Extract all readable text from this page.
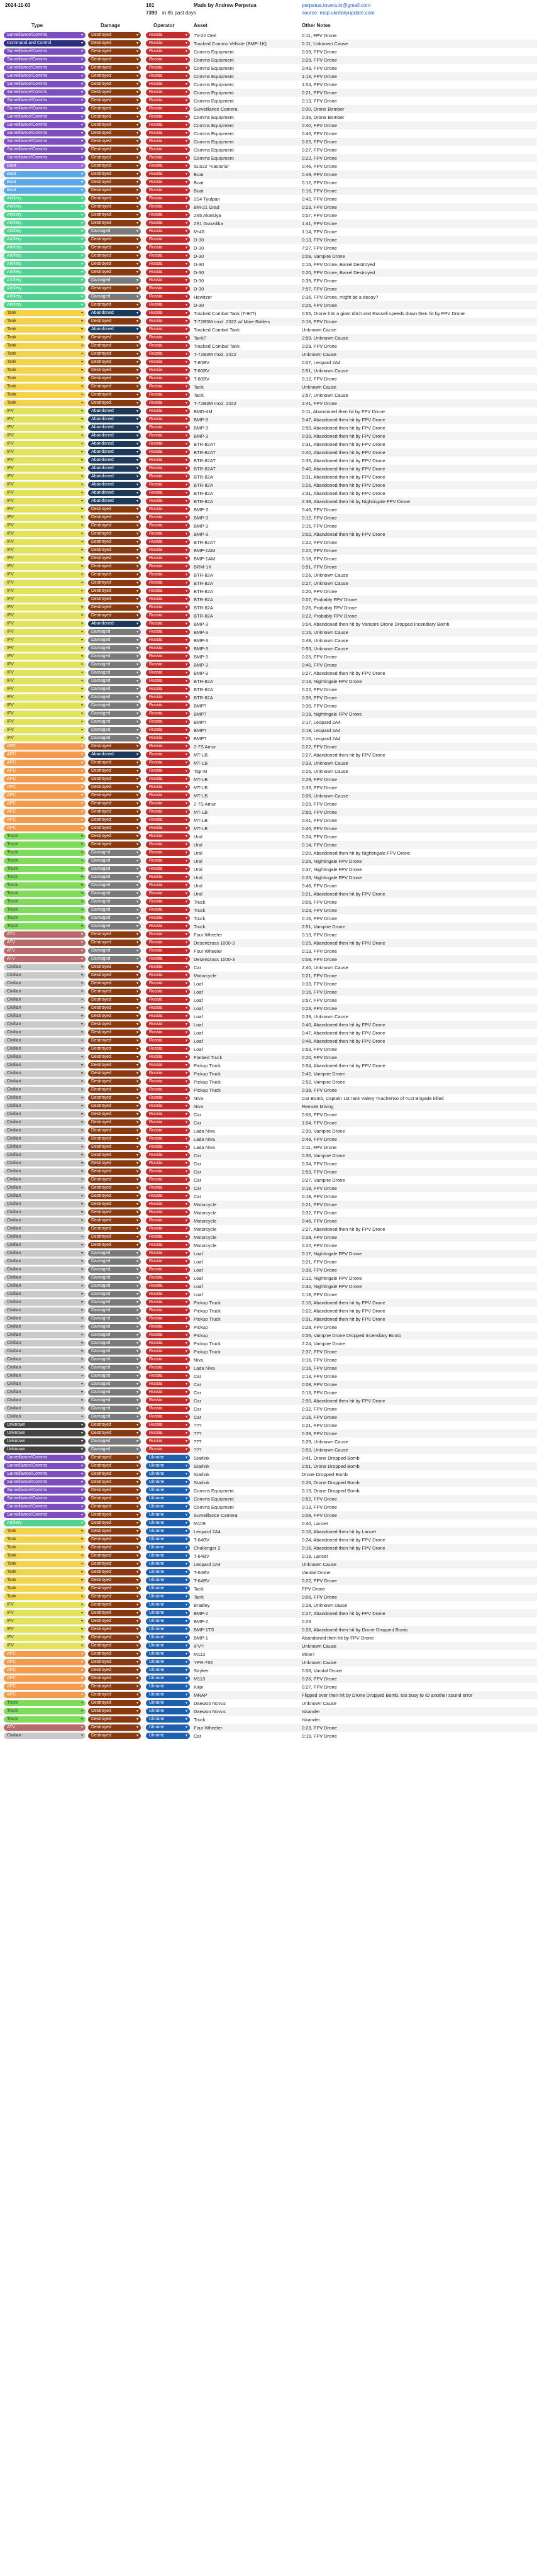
2024-11-03	101
7390 in 85 past days
Made by Andrew Perpetua	perpetua.tovera.io@gmail.com
source: map.ukrdailyupdate.com
Type	Damage	Operator	Asset	Other Notes
Surveillance/Comms	▾	Destroyed	▾	Russia	▾ ?V-22 Orel	0:11, FPV Drone
Command and Control	▾	Destroyed	▾	Russia	▾ Tracked Comms Vehicle (BMP-1K)	0:11, Unknown Cause
Surveillance/Comms	▾	Destroyed	▾	Russia	▾ Comms Equipment	0:39, FPV Drone
Surveillance/Comms	▾	Destroyed	▾	Russia	▾ Comms Equipment	0:29, FPV Drone
Surveillance/Comms	▾	Destroyed	▾	Russia	▾ Comms Equipment	0:43, FPV Drone
Surveillance/Comms	▾	Destroyed	▾	Russia	▾ Comms Equipment	1:13, FPV Drone
Surveillance/Comms	▾	Destroyed	▾	Russia	▾ Comms Equipment	1:04, FPV Drone
Surveillance/Comms	▾	Destroyed	▾	Russia	▾ Comms Equipment	0:21, FPV Drone
Surveillance/Comms	▾	Destroyed	▾	Russia	▾ Comms Equipment	0:13, FPV Drone
Surveillance/Comms	▾	Destroyed	▾	Russia	▾ Surveillance Camera	0:30, Drone Bomber
Surveillance/Comms	▾	Destroyed	▾	Russia	▾ Comms Equipment	0:36, Drone Bomber
Surveillance/Comms	▾	Destroyed	▾	Russia	▾ Comms Equipment	0:40, FPV Drone
Surveillance/Comms	▾	Destroyed	▾	Russia	▾ Comms Equipment	0:46, FPV Drone
Surveillance/Comms	▾	Destroyed	▾	Russia	▾ Comms Equipment	0:25, FPV Drone
Surveillance/Comms	▾	Destroyed	▾	Russia	▾ Comms Equipment	0:27, FPV Drone
Surveillance/Comms	▾	Destroyed	▾	Russia	▾ Comms Equipment	0:22, FPV Drone
Boat	▾	Destroyed	▾	Russia	▾ SL522 "Kastoria"	0:46, FPV Drone
Boat	▾	Destroyed	▾	Russia	▾ Boat	0:49, FPV Drone
Boat	▾	Destroyed	▾	Russia	▾ Boat	0:12, FPV Drone
Boat	▾	Destroyed	▾	Russia	▾ Boat	0:16, FPV Drone
Artillery	▾	Destroyed	▾	Russia	▾ 2S4 Tyulpan	0:42, FPV Drone
Artillery	▾	Destroyed	▾	Russia	▾ BM-21 Grad	0:23, FPV Drone
Artillery	▾	Destroyed	▾	Russia	▾ 2S5 Akatsiya	0:07, FPV Drone
Artillery	▾	Destroyed	▾	Russia	▾ 2S1 Gvozdika	1:41, FPV Drone
Artillery	▾	Damaged	▾	Russia	▾ M-46	1:14, FPV Drone
Artillery	▾	Destroyed	▾	Russia	▾ D-30	0:13, FPV Drone
Artillery	▾	Destroyed	▾	Russia	▾ D-30	7:27, FPV Drone
Artillery	▾	Destroyed	▾	Russia	▾ D-30	0:09, Vampire Drone
Artillery	▾	Destroyed	▾	Russia	▾ D-30	0:16, FPV Drone, Barrel Destroyed
Artillery	▾	Destroyed	▾	Russia	▾ D-30	0:20, FPV Drone, Barrel Destroyed
Artillery	▾	Damaged	▾	Russia	▾ D-30	0:39, FPV Drone
Artillery	▾	Destroyed	▾	Russia	▾ D-30	7:57, FPV Drone
Artillery	▾	Damaged	▾	Russia	▾ Howitzer	0:36, FPV Drone, might be a decoy?
Artillery	▾	Destroyed	▾	Russia	▾ D-30	0:25, FPV Drone
Tank	▾	Abandoned	▾	Russia	▾ Tracked Combat Tank (T-90?)	0:55, Drone hits a giant ditch and Russell speeds down then hit by FPV Drone
Tank	▾	Destroyed	▾	Russia	▾ T-72B3M mod. 2022 w/ Mine Rollers	0:16, FPV Drone
Tank	▾	Abandoned	▾	Russia	▾ Tracked Combat Tank	Unknown Cause
Tank	▾	Destroyed	▾	Russia	▾ Tank?	2:59, Unknown Cause
Tank	▾	Destroyed	▾	Russia	▾ Tracked Combat Tank	0:29, FPV Drone
Tank	▾	Destroyed	▾	Russia	▾ T-72B3M mod. 2022	Unknown Cause
Tank	▾	Destroyed	▾	Russia	▾ T-80BV	0:07, Leopard 2A4
Tank	▾	Destroyed	▾	Russia	▾ T-80BV	0:51, Unknown Cause
Tank	▾	Destroyed	▾	Russia	▾ T-80BV	0:12, FPV Drone
Tank	▾	Destroyed	▾	Russia	▾ Tank	Unknown Cause
Tank	▾	Destroyed	▾	Russia	▾ Tank	2:57, Unknown Cause
Tank	▾	Destroyed	▾	Russia	▾ T-72B3M mod. 2022	2:41, FPV Drone
IFV	▾	Abandoned	▾	Russia	▾ BMD-4M	0:11, Abandoned then hit by FPV Drone
IFV	▾	Abandoned	▾	Russia	▾ BMP-3	0:47, Abandoned then hit by FPV Drone
IFV	▾	Abandoned	▾	Russia	▾ BMP-3	0:50, Abandoned then hit by FPV Drone
IFV	▾	Abandoned	▾	Russia	▾ BMP-3	0:39, Abandoned then hit by FPV Drone
IFV	▾	Abandoned	▾	Russia	▾ BTR-82AT	0:31, Abandoned then hit by FPV Drone
IFV	▾	Abandoned	▾	Russia	▾ BTR-82AT	0:42, Abandoned then hit by FPV Drone
IFV	▾	Abandoned	▾	Russia	▾ BTR-82AT	0:35, Abandoned then hit by FPV Drone
IFV	▾	Abandoned	▾	Russia	▾ BTR-82AT	0:40, Abandoned then hit by FPV Drone
IFV	▾	Abandoned	▾	Russia	▾ BTR-82A	0:31, Abandoned then hit by FPV Drone
IFV	▾	Abandoned	▾	Russia	▾ BTR-82A	0:26, Abandoned then hit by FPV Drone
IFV	▾	Abandoned	▾	Russia	▾ BTR-82A	2:31, Abandoned then hit by FPV Drone
IFV	▾	Abandoned	▾	Russia	▾ BTR-82A	2:38, Abandoned then hit by Nightingale FPV Drone
IFV	▾	Destroyed	▾	Russia	▾ BMP-3	0:46, FPV Drone
IFV	▾	Destroyed	▾	Russia	▾ BMP-3	0:12, FPV Drone
IFV	▾	Destroyed	▾	Russia	▾ BMP-3	0:15, FPV Drone
IFV	▾	Destroyed	▾	Russia	▾ BMP-3	0:02, Abandoned then hit by FPV Drone
IFV	▾	Destroyed	▾	Russia	▾ BTR-82AT	0:22, FPV Drone
IFV	▾	Destroyed	▾	Russia	▾ BMP-1AM	0:22, FPV Drone
IFV	▾	Destroyed	▾	Russia	▾ BMP-1AM	0:18, FPV Drone
IFV	▾	Destroyed	▾	Russia	▾ BRM-1K	0:51, FPV Drone
IFV	▾	Destroyed	▾	Russia	▾ BTR-82A	0:26, Unknown Cause
IFV	▾	Destroyed	▾	Russia	▾ BTR-82A	0:27, Unknown Cause
IFV	▾	Destroyed	▾	Russia	▾ BTR-82A	0:20, FPV Drone
IFV	▾	Destroyed	▾	Russia	▾ BTR-82A	0:07, Probably FPV Drone
IFV	▾	Destroyed	▾	Russia	▾ BTR-82A	0:26, Probably FPV Drone
IFV	▾	Destroyed	▾	Russia	▾ BTR-82A	0:22, Probably FPV Drone
IFV	▾	Abandoned	▾	Russia	▾ BMP-3	0:04, Abandoned then hit by Vampire Drone Dropped Incendiary Bomb
IFV	▾	Damaged	▾	Russia	▾ BMP-3	0:15, Unknown Cause
IFV	▾	Damaged	▾	Russia	▾ BMP-3	0:48, Unknown Cause
IFV	▾	Damaged	▾	Russia	▾ BMP-3	0:53, Unknown Cause
IFV	▾	Damaged	▾	Russia	▾ BMP-3	0:25, FPV Drone
IFV	▾	Damaged	▾	Russia	▾ BMP-3	0:40, FPV Drone
IFV	▾	Damaged	▾	Russia	▾ BMP-3	0:27, Abandoned then hit by FPV Drone
IFV	▾	Damaged	▾	Russia	▾ BTR-82A	0:13, Nightingale FPV Drone
IFV	▾	Damaged	▾	Russia	▾ BTR-82A	0:22, FPV Drone
IFV	▾	Damaged	▾	Russia	▾ BTR-82A	0:36, FPV Drone
IFV	▾	Damaged	▾	Russia	▾ BMP?	0:30, FPV Drone
IFV	▾	Damaged	▾	Russia	▾ BMP?	0:19, Nightingale FPV Drone
IFV	▾	Damaged	▾	Russia	▾ BMP?	0:17, Leopard 2A4
IFV	▾	Damaged	▾	Russia	▾ BMP?	0:18, Leopard 2A4
IFV	▾	Damaged	▾	Russia	▾ BMP?	0:16, Leopard 2A4
APC	▾	Destroyed	▾	Russia	▾ 2-7S Amur	0:22, FPV Drone
APC	▾	Abandoned	▾	Russia	▾ MT-LB	0:27, Abandoned then hit by FPV Drone
APC	▾	Destroyed	▾	Russia	▾ MT-LB	0:33, Unknown Cause
APC	▾	Destroyed	▾	Russia	▾ Tigr-M	0:25, Unknown Cause
APC	▾	Destroyed	▾	Russia	▾ MT-LB	0:29, FPV Drone
APC	▾	Destroyed	▾	Russia	▾ MT-LB	0:33, FPV Drone
APC	▾	Destroyed	▾	Russia	▾ MT-LB	0:06, Unknown Cause
APC	▾	Destroyed	▾	Russia	▾ 2-7S Amur	0:29, FPV Drone
APC	▾	Destroyed	▾	Russia	▾ MT-LB	0:50, FPV Drone
APC	▾	Destroyed	▾	Russia	▾ MT-LB	0:41, FPV Drone
APC	▾	Destroyed	▾	Russia	▾ MT-LB	0:45, FPV Drone
Truck	▾	Destroyed	▾	Russia	▾ Ural	0:24, FPV Drone
Truck	▾	Destroyed	▾	Russia	▾ Ural	0:14, FPV Drone
Truck	▾	Damaged	▾	Russia	▾ Ural	0:20, Abandoned then hit by Nightingale FPV Drone
Truck	▾	Damaged	▾	Russia	▾ Ural	0:26, Nightingale FPV Drone
Truck	▾	Damaged	▾	Russia	▾ Ural	0:37, Nightingale FPV Drone
Truck	▾	Damaged	▾	Russia	▾ Ural	0:25, Nightingale FPV Drone
Truck	▾	Damaged	▾	Russia	▾ Ural	0:46, FPV Drone
Truck	▾	Damaged	▾	Russia	▾ Ural	0:21, Abandoned then hit by FPV Drone
Truck	▾	Damaged	▾	Russia	▾ Truck	0:08, FPV Drone
Truck	▾	Damaged	▾	Russia	▾ Truck	0:23, FPV Drone
Truck	▾	Damaged	▾	Russia	▾ Truck	0:16, FPV Drone
Truck	▾	Damaged	▾	Russia	▾ Truck	2:51, Vampire Drone
ATV	▾	Destroyed	▾	Russia	▾ Four Wheeler	0:13, FPV Drone
ATV	▾	Destroyed	▾	Russia	▾ Desertcross 1000-3	0:25, Abandoned then hit by FPV Drone
ATV	▾	Damaged	▾	Russia	▾ Four Wheeler	0:13, FPV Drone
ATV	▾	Damaged	▾	Russia	▾ Desertcross 1000-3	0:08, FPV Drone
Civilian	▾	Destroyed	▾	Russia	▾ Car	2:40, Unknown Cause
Civilian	▾	Destroyed	▾	Russia	▾ Motorcycle	0:21, FPV Drone
Civilian	▾	Destroyed	▾	Russia	▾ Loaf	0:33, FPV Drone
Civilian	▾	Destroyed	▾	Russia	▾ Loaf	0:16, FPV Drone
Civilian	▾	Destroyed	▾	Russia	▾ Loaf	0:57, FPV Drone
Civilian	▾	Destroyed	▾	Russia	▾ Loaf	0:23, FPV Drone
Civilian	▾	Destroyed	▾	Russia	▾ Loaf	0:39, Unknown Cause
Civilian	▾	Destroyed	▾	Russia	▾ Loaf	0:40, Abandoned then hit by FPV Drone
Civilian	▾	Destroyed	▾	Russia	▾ Loaf	0:47, Abandoned then hit by FPV Drone
Civilian	▾	Destroyed	▾	Russia	▾ Loaf	0:48, Abandoned then hit by FPV Drone
Civilian	▾	Destroyed	▾	Russia	▾ Loaf	0:53, FPV Drone
Civilian	▾	Destroyed	▾	Russia	▾ Flatbed Truck	0:20, FPV Drone
Civilian	▾	Destroyed	▾	Russia	▾ Pickup Truck	0:54, Abandoned then hit by FPV Drone
Civilian	▾	Destroyed	▾	Russia	▾ Pickup Truck	0:42, Vampire Drone
Civilian	▾	Destroyed	▾	Russia	▾ Pickup Truck	2:52, Vampire Drone
Civilian	▾	Destroyed	▾	Russia	▾ Pickup Truck	0:38, FPV Drone
Civilian	▾	Destroyed	▾	Russia	▾ Niva	Car Bomb, Captain 1st rank Valery Tkachenko of 41st Brigade killed
Civilian	▾	Destroyed	▾	Russia	▾ Niva	Remote Mining
Civilian	▾	Destroyed	▾	Russia	▾ Car	0:06, FPV Drone
Civilian	▾	Destroyed	▾	Russia	▾ Car	1:04, FPV Drone
Civilian	▾	Destroyed	▾	Russia	▾ Lada Niva	2:30, Vampire Drone
Civilian	▾	Destroyed	▾	Russia	▾ Lada Niva	0:48, FPV Drone
Civilian	▾	Destroyed	▾	Russia	▾ Lada Niva	0:11, FPV Drone
Civilian	▾	Destroyed	▾	Russia	▾ Car	0:36, Vampire Drone
Civilian	▾	Destroyed	▾	Russia	▾ Car	0:34, FPV Drone
Civilian	▾	Destroyed	▾	Russia	▾ Car	2:53, FPV Drone
Civilian	▾	Destroyed	▾	Russia	▾ Car	0:27, Vampire Drone
Civilian	▾	Destroyed	▾	Russia	▾ Car	0:19, FPV Drone
Civilian	▾	Destroyed	▾	Russia	▾ Car	0:18, FPV Drone
Civilian	▾	Destroyed	▾	Russia	▾ Motorcycle	0:21, FPV Drone
Civilian	▾	Destroyed	▾	Russia	▾ Motorcycle	0:32, FPV Drone
Civilian	▾	Destroyed	▾	Russia	▾ Motorcycle	0:46, FPV Drone
Civilian	▾	Destroyed	▾	Russia	▾ Motorcycle	2:27, Abandoned then hit by FPV Drone
Civilian	▾	Destroyed	▾	Russia	▾ Motorcycle	0:29, FPV Drone
Civilian	▾	Destroyed	▾	Russia	▾ Motorcycle	0:22, FPV Drone
Civilian	▾	Damaged	▾	Russia	▾ Loaf	0:17, Nightingale FPV Drone
Civilian	▾	Damaged	▾	Russia	▾ Loaf	0:21, FPV Drone
Civilian	▾	Damaged	▾	Russia	▾ Loaf	0:38, FPV Drone
Civilian	▾	Damaged	▾	Russia	▾ Loaf	0:12, Nightingale FPV Drone
Civilian	▾	Damaged	▾	Russia	▾ Loaf	0:32, Nightingale FPV Drone
Civilian	▾	Damaged	▾	Russia	▾ Loaf	0:18, FPV Drone
Civilian	▾	Damaged	▾	Russia	▾ Pickup Truck	2:10, Abandoned then hit by FPV Drone
Civilian	▾	Damaged	▾	Russia	▾ Pickup Truck	0:22, Abandoned then hit by FPV Drone
Civilian	▾	Damaged	▾	Russia	▾ Pickup Truck	0:31, Abandoned then hit by FPV Drone
Civilian	▾	Damaged	▾	Russia	▾ Pickup	0:28, FPV Drone
Civilian	▾	Damaged	▾	Russia	▾ Pickup	0:06, Vampire Drone Dropped Incendiary Bomb
Civilian	▾	Damaged	▾	Russia	▾ Pickup Truck	2:24, Vampire Drone
Civilian	▾	Damaged	▾	Russia	▾ Pickup Truck	2:37, FPV Drone
Civilian	▾	Damaged	▾	Russia	▾ Niva	0:16, FPV Drone
Civilian	▾	Damaged	▾	Russia	▾ Lada Niva	0:16, FPV Drone
Civilian	▾	Damaged	▾	Russia	▾ Car	0:13, FPV Drone
Civilian	▾	Damaged	▾	Russia	▾ Car	0:08, FPV Drone
Civilian	▾	Damaged	▾	Russia	▾ Car	0:13, FPV Drone
Civilian	▾	Damaged	▾	Russia	▾ Car	2:50, Abandoned then hit by FPV Drone
Civilian	▾	Damaged	▾	Russia	▾ Car	0:32, FPV Drone
Civilian	▾	Damaged	▾	Russia	▾ Car	0:16, FPV Drone
Unknown	▾	Destroyed	▾	Russia	▾ ???	0:21, FPV Drone
Unknown	▾	Destroyed	▾	Russia	▾ ???	0:39, FPV Drone
Unknown	▾	Damaged	▾	Russia	▾ ???	0:29, Unknown Cause
Unknown	▾	Damaged	▾	Russia	▾ ???	0:53, Unknown Cause
Surveillance/Comms	▾	Destroyed	▾	Ukraine	▾ Starlink	0:41, Drone Dropped Bomb
Surveillance/Comms	▾	Destroyed	▾	Ukraine	▾ Starlink	0:51, Drone Dropped Bomb
Surveillance/Comms	▾	Destroyed	▾	Ukraine	▾ Starlink	Drone Dropped Bomb
Surveillance/Comms	▾	Destroyed	▾	Ukraine	▾ Starlink	0:26, Drone Dropped Bomb
Surveillance/Comms	▾	Destroyed	▾	Ukraine	▾ Comms Equipment	0:13, Drone Dropped Bomb
Surveillance/Comms	▾	Destroyed	▾	Ukraine	▾ Comms Equipment	0:52, FPV Drone
Surveillance/Comms	▾	Destroyed	▾	Ukraine	▾ Comms Equipment	0:13, FPV Drone
Surveillance/Comms	▾	Destroyed	▾	Ukraine	▾ Surveillance Camera	0:08, FPV Drone
Artillery	▾	Destroyed	▾	Ukraine	▾ M109	0:40, Lancet
Tank	▾	Destroyed	▾	Ukraine	▾ Leopard 2A4	0:16, Abandoned then hit by Lancet
Tank	▾	Destroyed	▾	Ukraine	▾ T-64BV	0:24, Abandoned then hit by FPV Drone
Tank	▾	Destroyed	▾	Ukraine	▾ Challenger 2	0:16, Abandoned then hit by FPV Drone
Tank	▾	Destroyed	▾	Ukraine	▾ T-64BV	0:19, Lancet
Tank	▾	Destroyed	▾	Ukraine	▾ Leopard 2A4	Unknown Cause
Tank	▾	Destroyed	▾	Ukraine	▾ T-64BV	Vandal Drone
Tank	▾	Destroyed	▾	Ukraine	▾ T-64BV	0:22, FPV Drone
Tank	▾	Destroyed	▾	Ukraine	▾ Tank	FPV Drone
Tank	▾	Destroyed	▾	Ukraine	▾ Tank	0:06, FPV Drone
IFV	▾	Destroyed	▾	Ukraine	▾ Bradley	0:28, Unknown cause
IFV	▾	Destroyed	▾	Ukraine	▾ BMP-2	0:27, Abandoned then hit by FPV Drone
IFV	▾	Destroyed	▾	Ukraine	▾ BMP-2	0:23
IFV	▾	Destroyed	▾	Ukraine	▾ BMP-1TS	0:26, Abandoned then hit by Drone Dropped Bomb
IFV	▾	Destroyed	▾	Ukraine	▾ BMP-1	Abandoned then hit by FPV Drone
IFV	▾	Destroyed	▾	Ukraine	▾ IFV?	Unknown Cause
APC	▾	Destroyed	▾	Ukraine	▾ M113	Mine?
APC	▾	Destroyed	▾	Ukraine	▾ YPR-765	Unknown Cause
APC	▾	Destroyed	▾	Ukraine	▾ Stryker	0:08, Vandal Drone
APC	▾	Destroyed	▾	Ukraine	▾ M113	0:26, FPV Drone
APC	▾	Destroyed	▾	Ukraine	▾ Kirpi	0:27, FPV Drone
APC	▾	Destroyed	▾	Ukraine	▾ MRAP	Flipped over then hit by Drone Dropped Bomb, too busy to ID another sound error
Truck	▾	Destroyed	▾	Ukraine	▾ Daewoo Novus	Unknown Cause
Truck	▾	Destroyed	▾	Ukraine	▾ Daewoo Novus	Iskander
Truck	▾	Destroyed	▾	Ukraine	▾ Truck	Iskander
ATV	▾	Destroyed	▾	Ukraine	▾ Four Wheeler	0:23, FPV Drone
Civilian	▾	Destroyed	▾	Ukraine	▾ Car	0:19, FPV Drone
